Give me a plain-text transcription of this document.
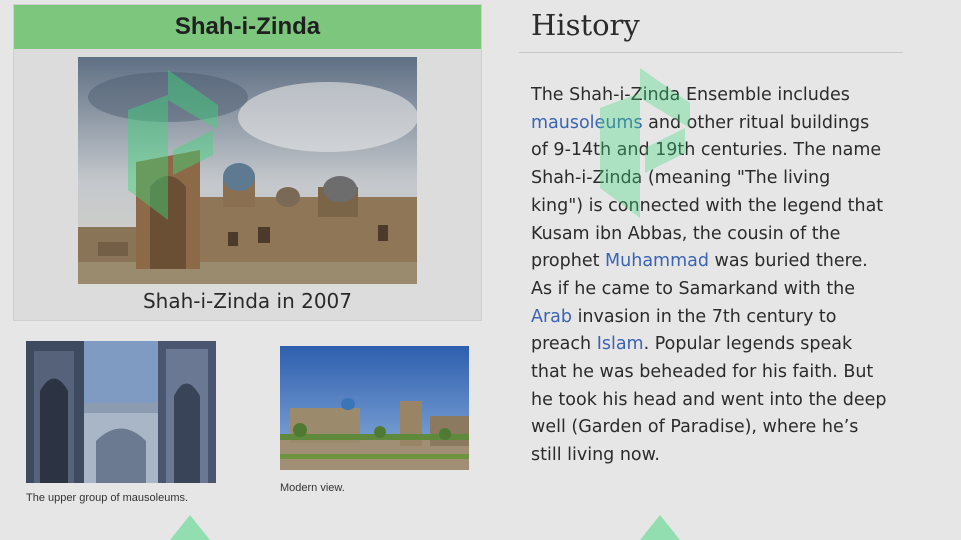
Shah-i-Zinda
Shah-i-Zinda in 2007
The upper group of mausoleums.
Modern view.
History
The Shah-i-Zinda Ensemble includes
mausoleums and other ritual buildings
of 9-14th and 19th centuries. The name
Shah-i-Zinda (meaning "The living
king") is connected with the legend that
Kusam ibn Abbas, the cousin of the
prophet Muhammad was buried there.
As if he came to Samarkand with the
Arab invasion in the 7th century to
preach Islam. Popular legends speak
that he was beheaded for his faith. But
he took his head and went into the deep
well (Garden of Paradise), where he’s
still living now.
